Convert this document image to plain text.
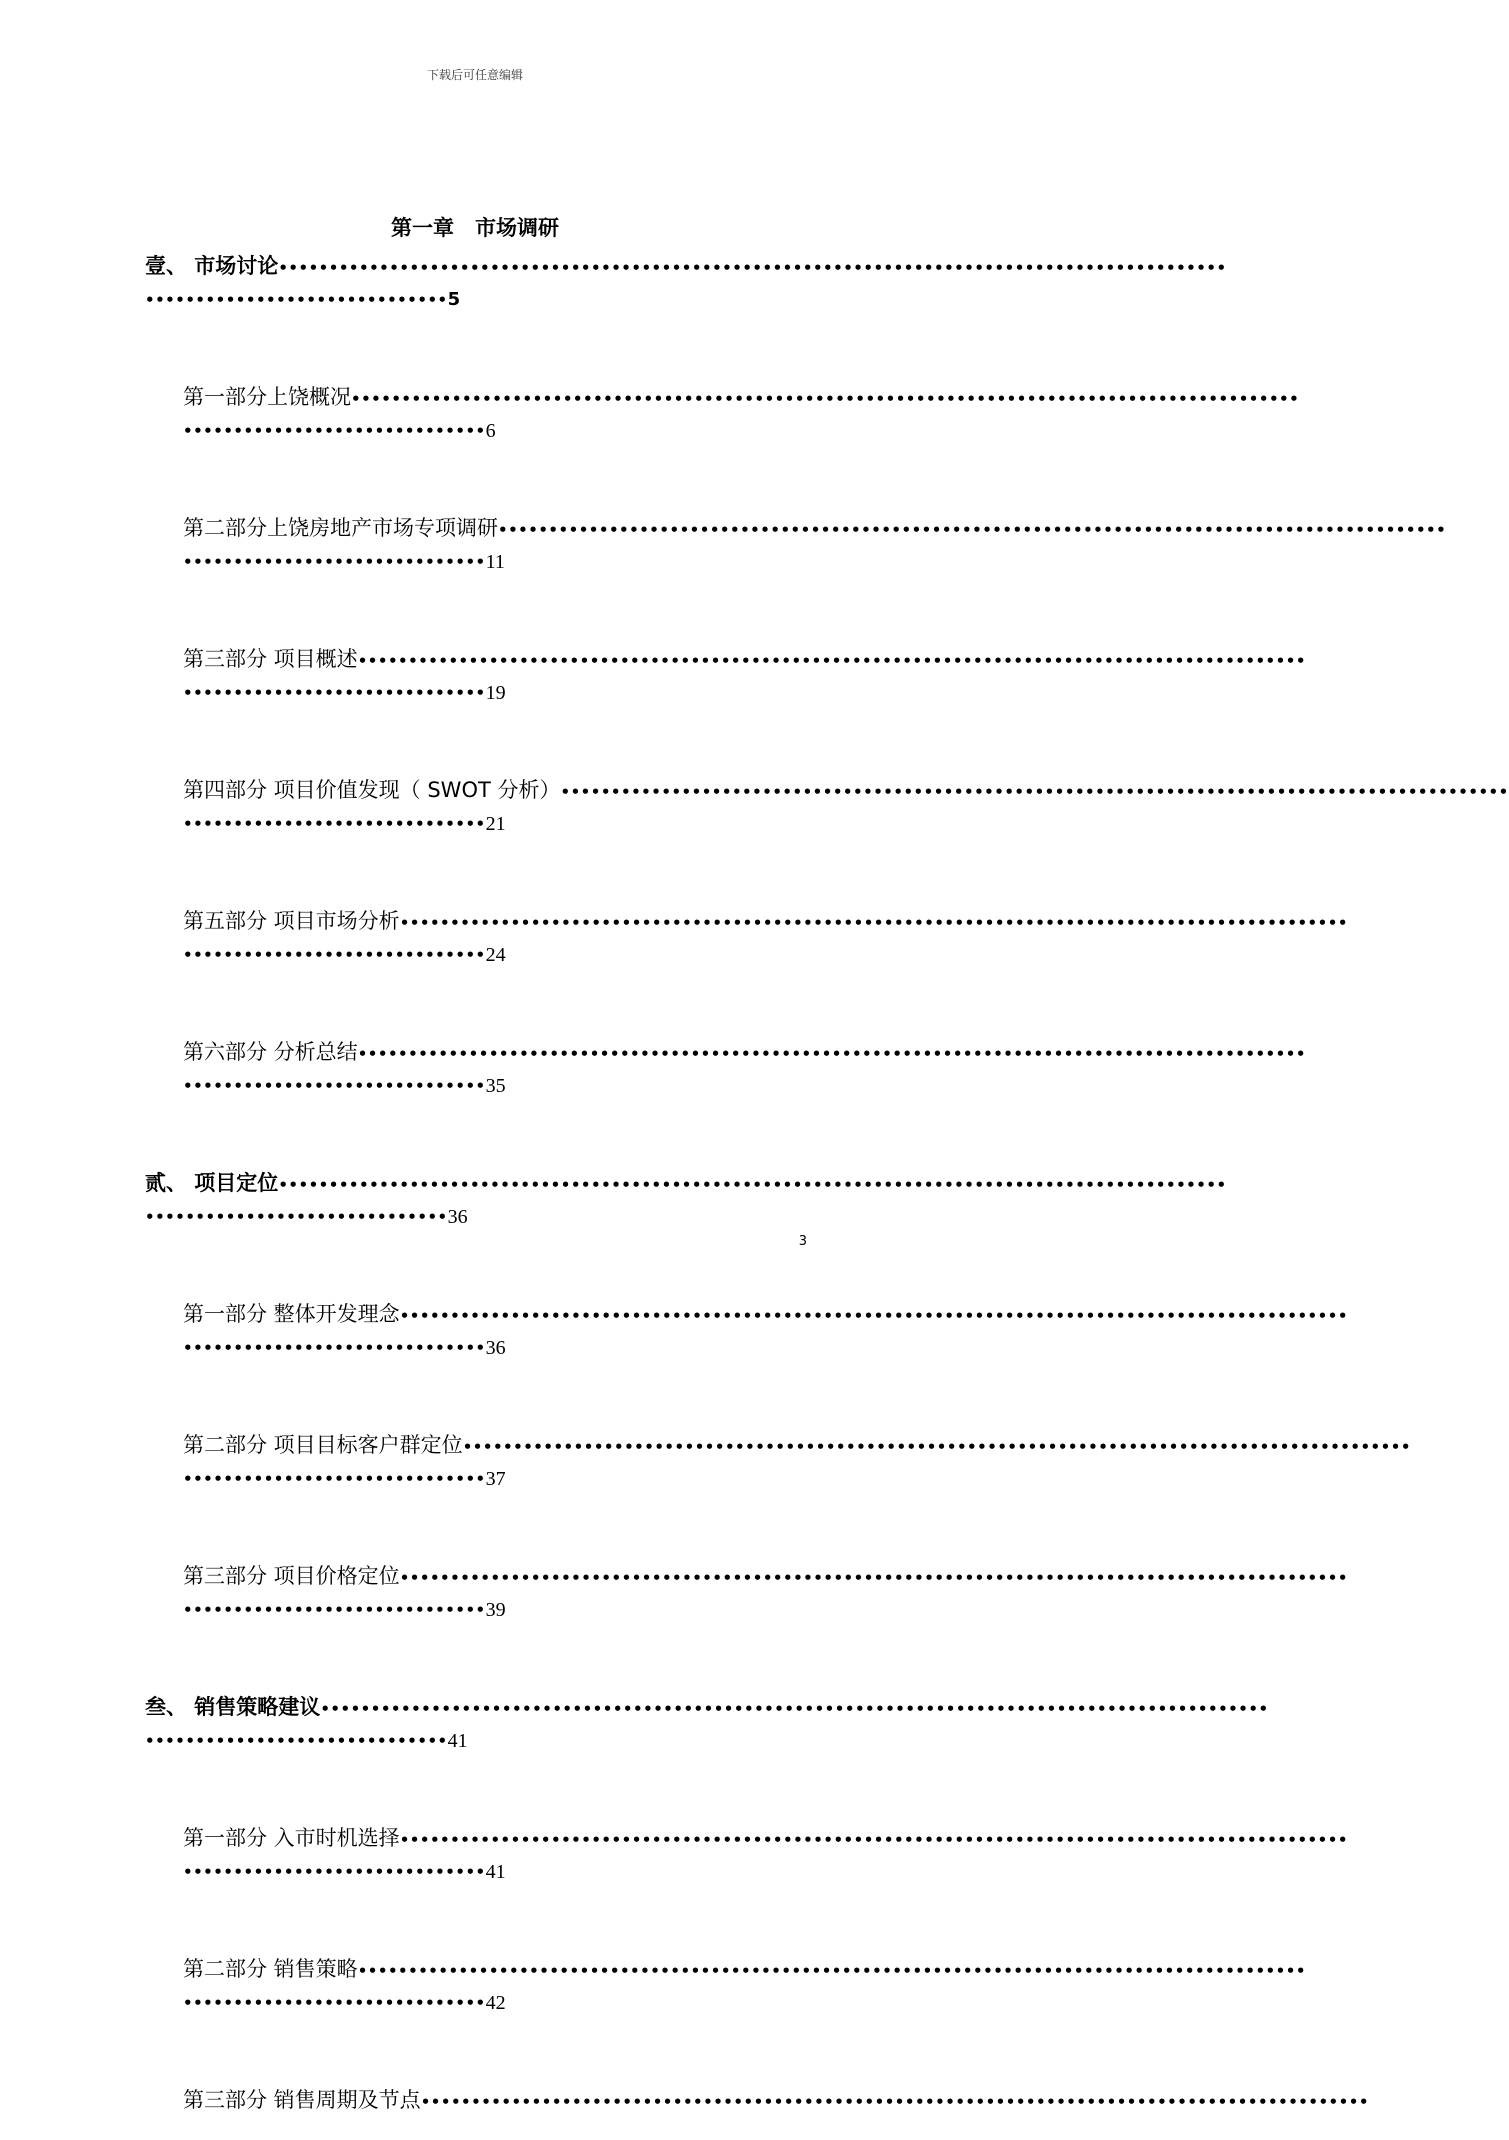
下载后可任意编辑
第一章　市场调研
壹、 市场讨论 ••••••••••••••••••••••••••••••••••••••••••••••••••••••••••••••••••••••••••••••••••••••••••••••
•••••••••••••••••••••••••••••• 5
第一部分上饶概况 ••••••••••••••••••••••••••••••••••••••••••••••••••••••••••••••••••••••••••••••••••••••••••••••
•••••••••••••••••••••••••••••• 6
第二部分上饶房地产市场专项调研 ••••••••••••••••••••••••••••••••••••••••••••••••••••••••••••••••••••••••••••••••••••••••••••••
•••••••••••••••••••••••••••••• 11
第三部分 项目概述 ••••••••••••••••••••••••••••••••••••••••••••••••••••••••••••••••••••••••••••••••••••••••••••••
•••••••••••••••••••••••••••••• 19
第四部分 项目价值发现（ SWOT 分析） ••••••••••••••••••••••••••••••••••••••••••••••••••••••••••••••••••••••••••••••••••••••••••••••
•••••••••••••••••••••••••••••• 21
第五部分 项目市场分析 ••••••••••••••••••••••••••••••••••••••••••••••••••••••••••••••••••••••••••••••••••••••••••••••
•••••••••••••••••••••••••••••• 24
第六部分 分析总结 ••••••••••••••••••••••••••••••••••••••••••••••••••••••••••••••••••••••••••••••••••••••••••••••
•••••••••••••••••••••••••••••• 35
贰、 项目定位 ••••••••••••••••••••••••••••••••••••••••••••••••••••••••••••••••••••••••••••••••••••••••••••••
•••••••••••••••••••••••••••••• 36
第一部分 整体开发理念 ••••••••••••••••••••••••••••••••••••••••••••••••••••••••••••••••••••••••••••••••••••••••••••••
•••••••••••••••••••••••••••••• 36
第二部分 项目目标客户群定位 ••••••••••••••••••••••••••••••••••••••••••••••••••••••••••••••••••••••••••••••••••••••••••••••
•••••••••••••••••••••••••••••• 37
第三部分 项目价格定位 ••••••••••••••••••••••••••••••••••••••••••••••••••••••••••••••••••••••••••••••••••••••••••••••
•••••••••••••••••••••••••••••• 39
叁、 销售策略建议 ••••••••••••••••••••••••••••••••••••••••••••••••••••••••••••••••••••••••••••••••••••••••••••••
•••••••••••••••••••••••••••••• 41
第一部分 入市时机选择 ••••••••••••••••••••••••••••••••••••••••••••••••••••••••••••••••••••••••••••••••••••••••••••••
•••••••••••••••••••••••••••••• 41
第二部分 销售策略 ••••••••••••••••••••••••••••••••••••••••••••••••••••••••••••••••••••••••••••••••••••••••••••••
•••••••••••••••••••••••••••••• 42
第三部分 销售周期及节点 ••••••••••••••••••••••••••••••••••••••••••••••••••••••••••••••••••••••••••••••••••••••••••••••
3
